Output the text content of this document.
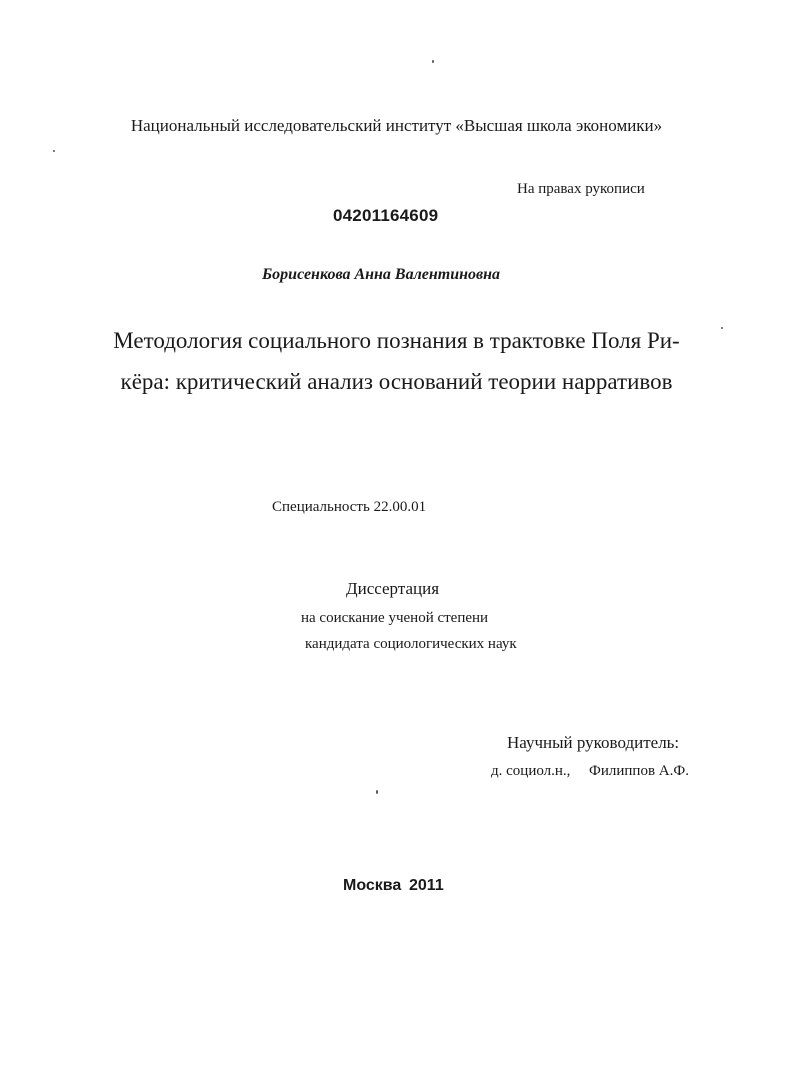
Национальный исследовательский институт «Высшая школа экономики»

На правах рукописи

04201164609

Борисенкова Анна Валентиновна

Методология социального познания в трактовке Поля Ри-

кёра: критический анализ оснований теории нарративов

Специальность 22.00.01

Диссертация

на соискание ученой степени

кандидата социологических наук

Научный руководитель:

д. социол.н., Филиппов А.Ф.

Москва 2011
